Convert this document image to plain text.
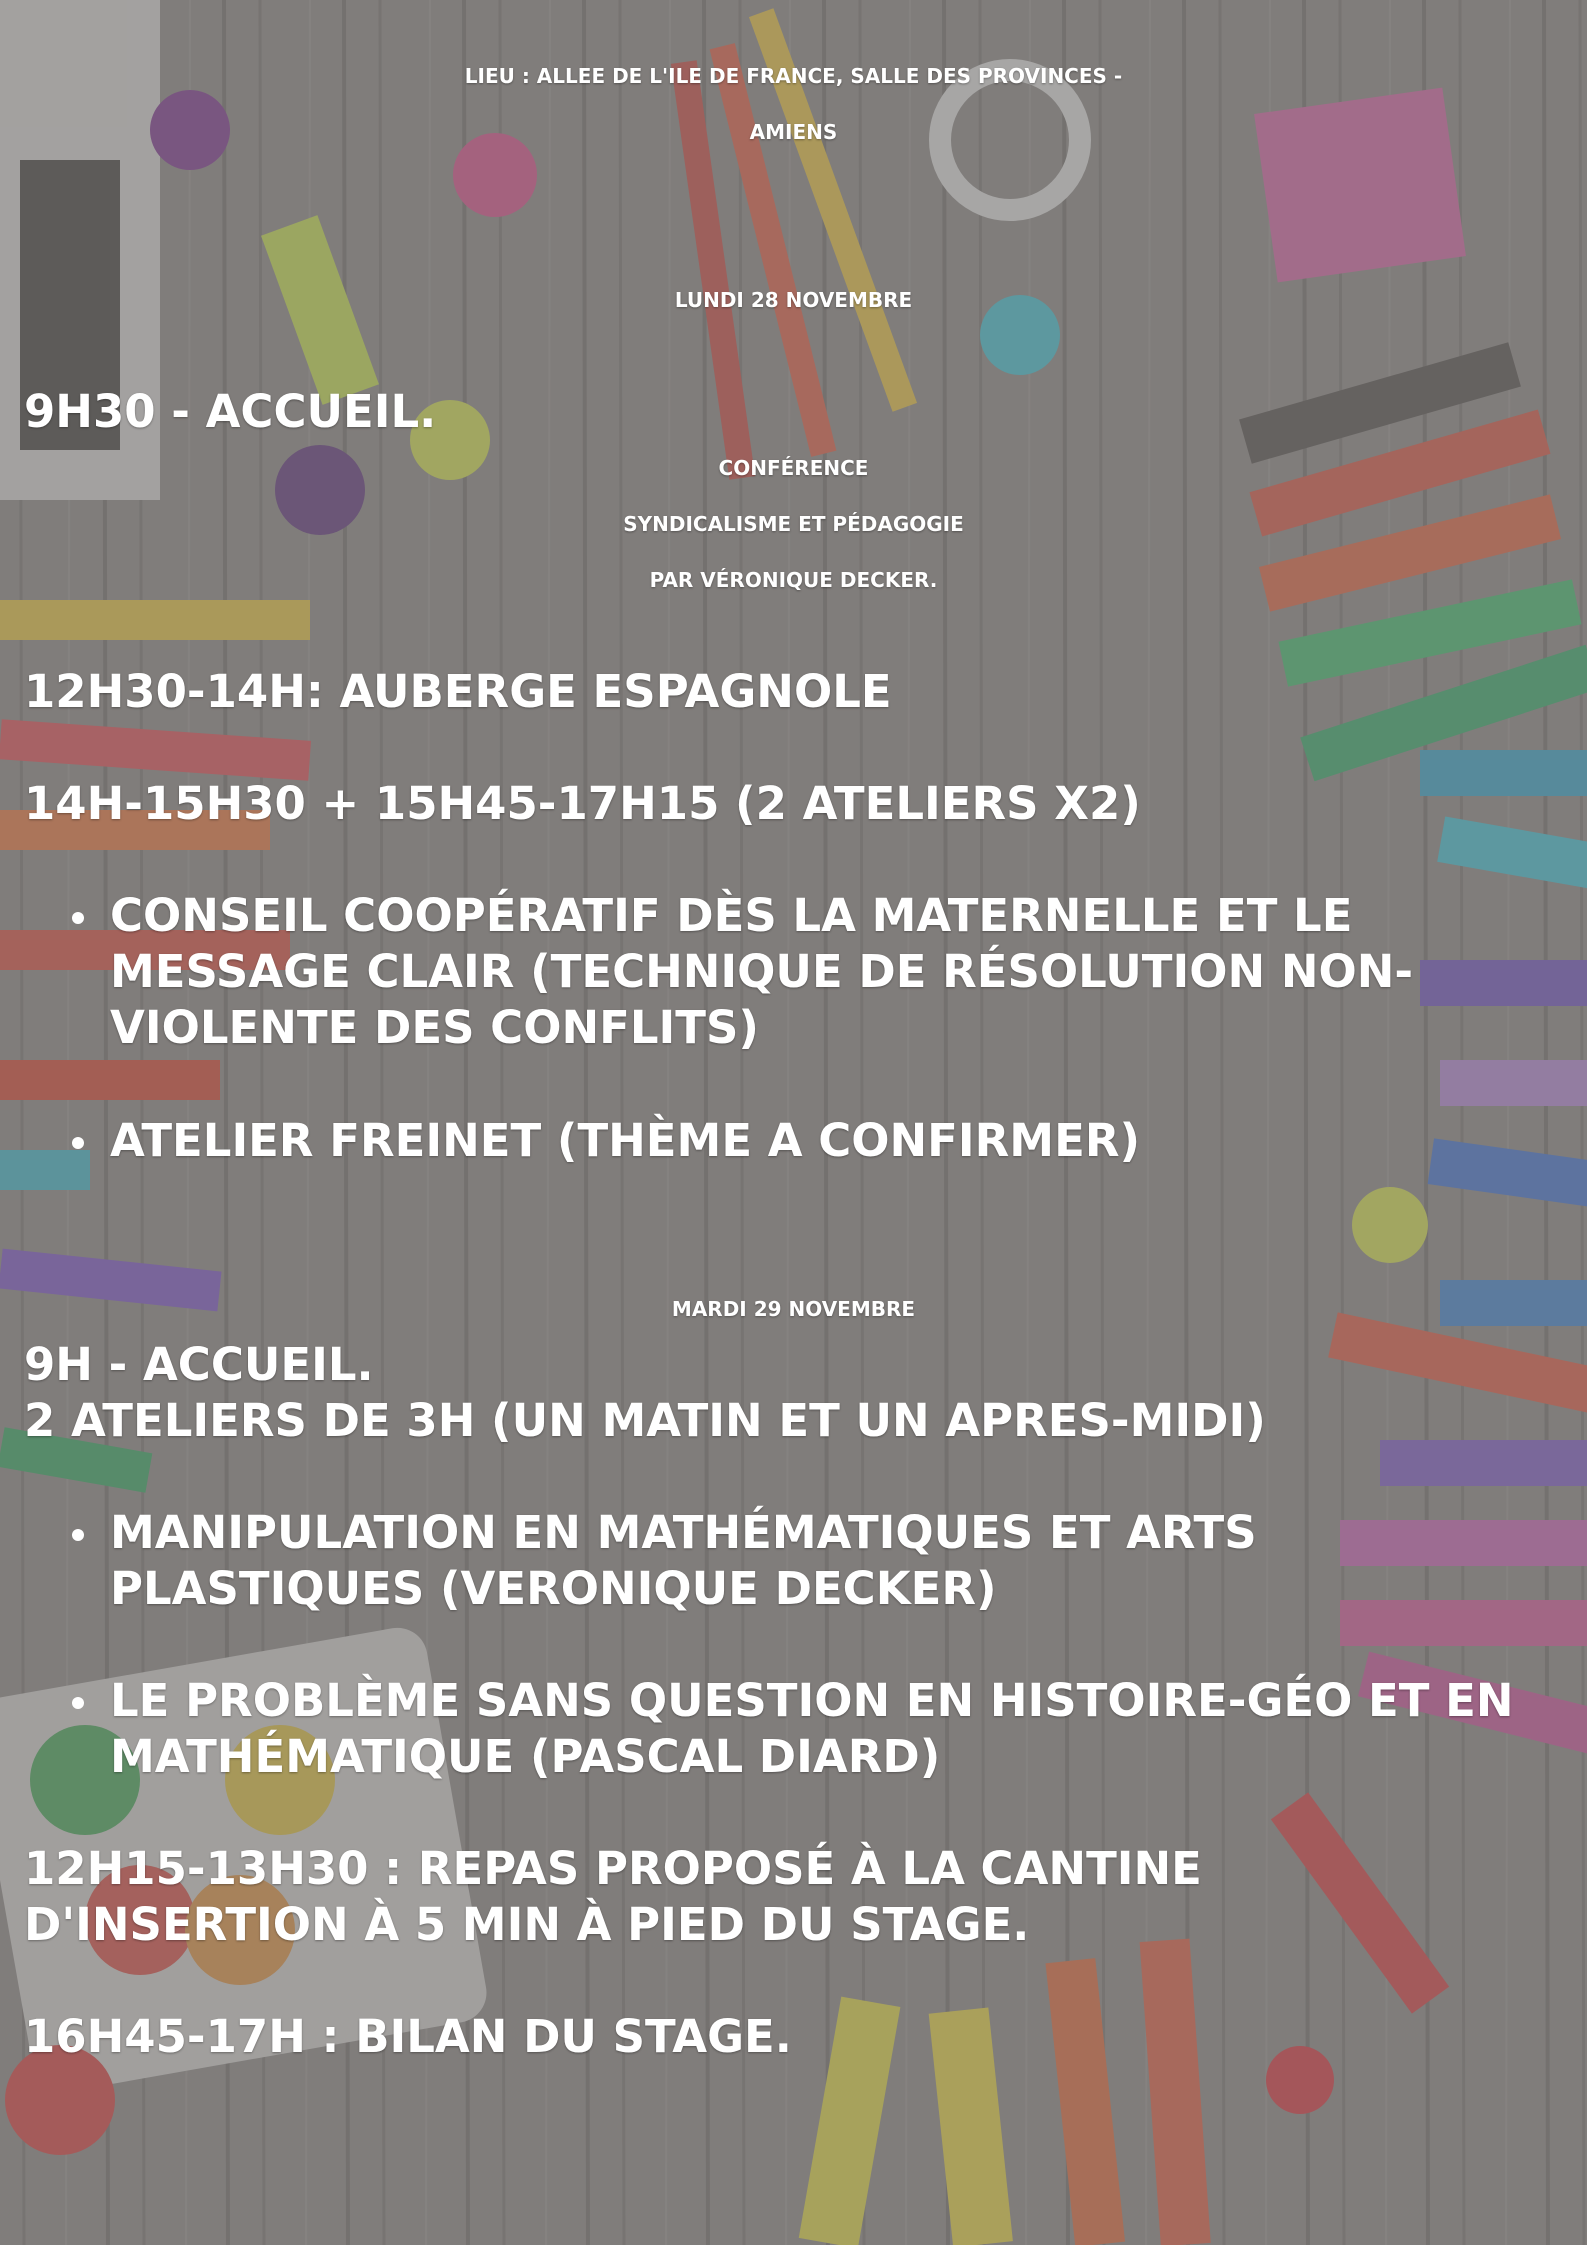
LIEU : ALLEE DE L'ILE DE FRANCE, SALLE DES PROVINCES -
AMIENS
LUNDI 28 NOVEMBRE
9H30 - ACCUEIL.
CONFÉRENCE
SYNDICALISME ET PÉDAGOGIE
PAR VÉRONIQUE DECKER.
12H30-14H: AUBERGE ESPAGNOLE
14H-15H30 + 15H45-17H15 (2 ATELIERS X2)
CONSEIL COOPÉRATIF DÈS LA MATERNELLE ET LE
MESSAGE CLAIR (TECHNIQUE DE RÉSOLUTION NON-
VIOLENTE DES CONFLITS)
ATELIER FREINET (THÈME A CONFIRMER)
MARDI 29 NOVEMBRE
9H - ACCUEIL.
2 ATELIERS DE 3H (UN MATIN ET UN APRES-MIDI)
MANIPULATION EN MATHÉMATIQUES ET ARTS
PLASTIQUES (VERONIQUE DECKER)
LE PROBLÈME SANS QUESTION EN HISTOIRE-GÉO ET EN
MATHÉMATIQUE (PASCAL DIARD)
12H15-13H30 : REPAS PROPOSÉ À LA CANTINE
D'INSERTION À 5 MIN À PIED DU STAGE.
16H45-17H : BILAN DU STAGE.
